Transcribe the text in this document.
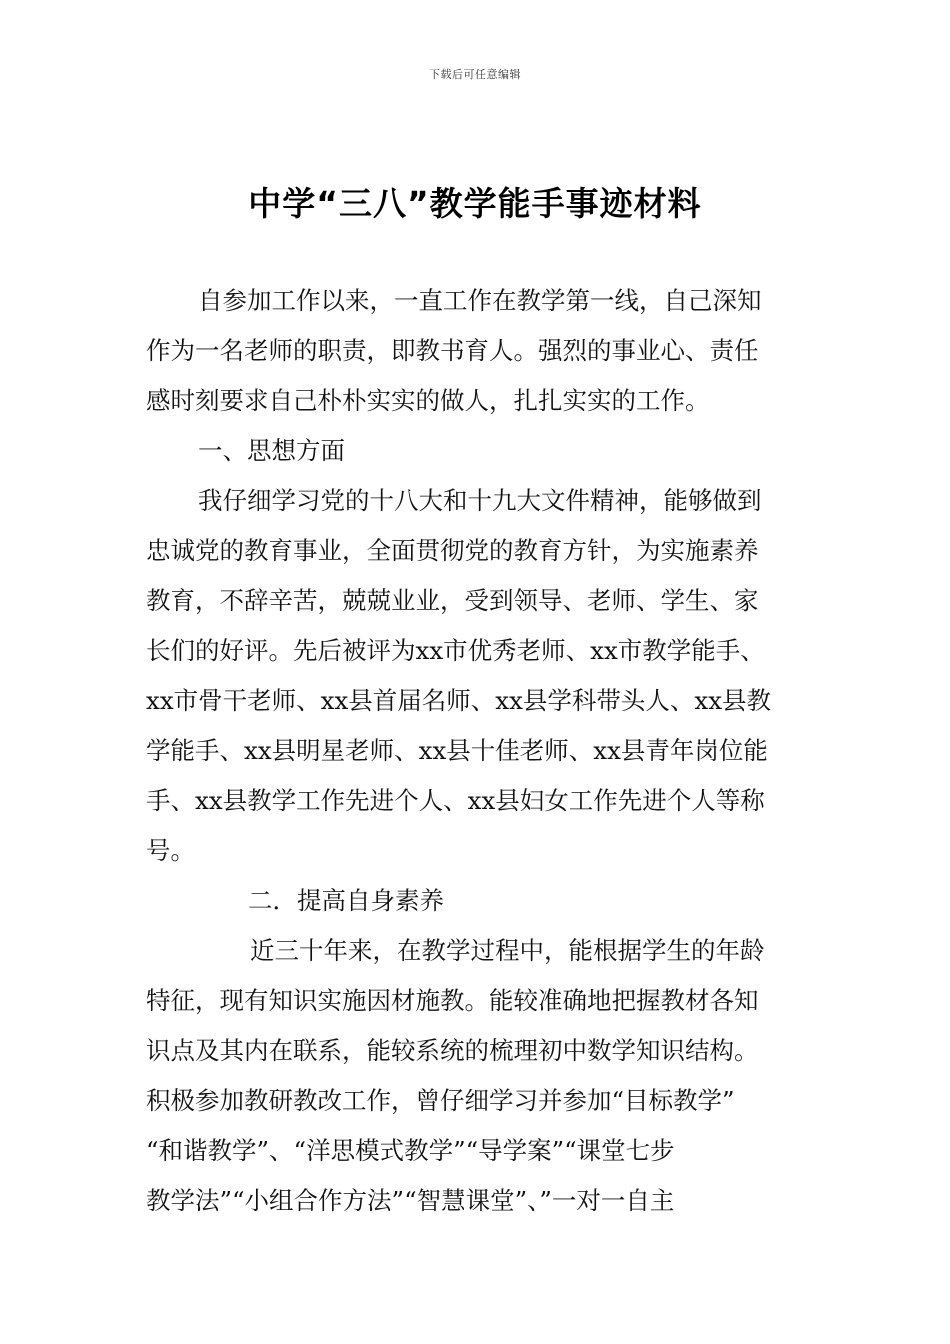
下载后可任意编辑
中学“三八”教学能手事迹材料
自参加工作以来，一直工作在教学第一线，自己深知
作为一名老师的职责，即教书育人。强烈的事业心、责任
感时刻要求自己朴朴实实的做人，扎扎实实的工作。
一、思想方面
我仔细学习党的十八大和十九大文件精神，能够做到
忠诚党的教育事业，全面贯彻党的教育方针，为实施素养
教育，不辞辛苦，兢兢业业，受到领导、老师、学生、家
长们的好评。先后被评为xx市优秀老师、xx市教学能手、
xx市骨干老师、xx县首届名师、xx县学科带头人、xx县教
学能手、xx县明星老师、xx县十佳老师、xx县青年岗位能
手、xx县教学工作先进个人、xx县妇女工作先进个人等称
号。
二．提高自身素养
近三十年来，在教学过程中，能根据学生的年龄
特征，现有知识实施因材施教。能较准确地把握教材各知
识点及其内在联系，能较系统的梳理初中数学知识结构。
积极参加教研教改工作，曾仔细学习并参加“目标教学”
“和谐教学”、“洋思模式教学”“导学案”“课堂七步
教学法”“小组合作方法”“智慧课堂”、”一对一自主
